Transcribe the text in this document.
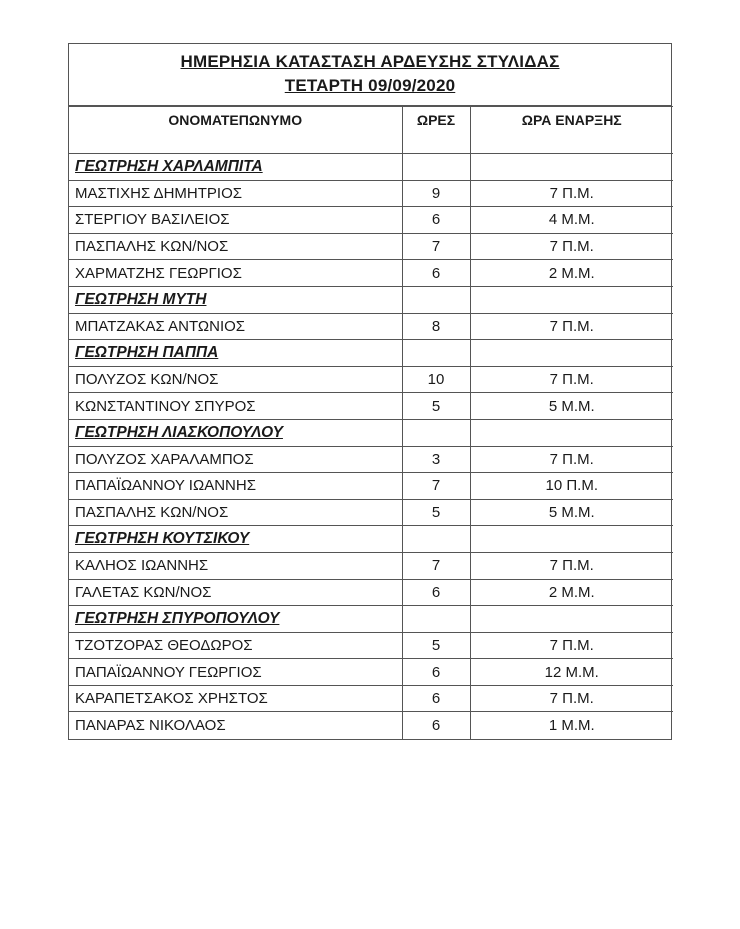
ΗΜΕΡΗΣΙΑ ΚΑΤΑΣΤΑΣΗ ΑΡΔΕΥΣΗΣ ΣΤΥΛΙΔΑΣ
ΤΕΤΑΡΤΗ 09/09/2020
ΟΝΟΜΑΤΕΠΩΝΥΜΟ	ΩΡΕΣ	ΩΡΑ ΕΝΑΡΞΗΣ
ΓΕΩΤΡΗΣΗ ΧΑΡΛΑΜΠΙΤΑ		
ΜΑΣΤΙΧΗΣ ΔΗΜΗΤΡΙΟΣ	9	7 Π.Μ.
ΣΤΕΡΓΙΟΥ ΒΑΣΙΛΕΙΟΣ	6	4 Μ.Μ.
ΠΑΣΠΑΛΗΣ ΚΩΝ/ΝΟΣ	7	7 Π.Μ.
ΧΑΡΜΑΤΖΗΣ ΓΕΩΡΓΙΟΣ	6	2 Μ.Μ.
ΓΕΩΤΡΗΣΗ ΜΥΤΗ		
ΜΠΑΤΖΑΚΑΣ ΑΝΤΩΝΙΟΣ	8	7 Π.Μ.
ΓΕΩΤΡΗΣΗ ΠΑΠΠΑ		
ΠΟΛΥΖΟΣ ΚΩΝ/ΝΟΣ	10	7 Π.Μ.
ΚΩΝΣΤΑΝΤΙΝΟΥ ΣΠΥΡΟΣ	5	5 Μ.Μ.
ΓΕΩΤΡΗΣΗ ΛΙΑΣΚΟΠΟΥΛΟΥ		
ΠΟΛΥΖΟΣ ΧΑΡΑΛΑΜΠΟΣ	3	7 Π.Μ.
ΠΑΠΑΪΩΑΝΝΟΥ ΙΩΑΝΝΗΣ	7	10 Π.Μ.
ΠΑΣΠΑΛΗΣ ΚΩΝ/ΝΟΣ	5	5 Μ.Μ.
ΓΕΩΤΡΗΣΗ ΚΟΥΤΣΙΚΟΥ		
ΚΑΛΗΟΣ ΙΩΑΝΝΗΣ	7	7 Π.Μ.
ΓΑΛΕΤΑΣ ΚΩΝ/ΝΟΣ	6	2 Μ.Μ.
ΓΕΩΤΡΗΣΗ ΣΠΥΡΟΠΟΥΛΟΥ		
ΤΖΟΤΖΟΡΑΣ ΘΕΟΔΩΡΟΣ	5	7 Π.Μ.
ΠΑΠΑΪΩΑΝΝΟΥ ΓΕΩΡΓΙΟΣ	6	12 Μ.Μ.
ΚΑΡΑΠΕΤΣΑΚΟΣ ΧΡΗΣΤΟΣ	6	7 Π.Μ.
ΠΑΝΑΡΑΣ ΝΙΚΟΛΑΟΣ	6	1 Μ.Μ.
